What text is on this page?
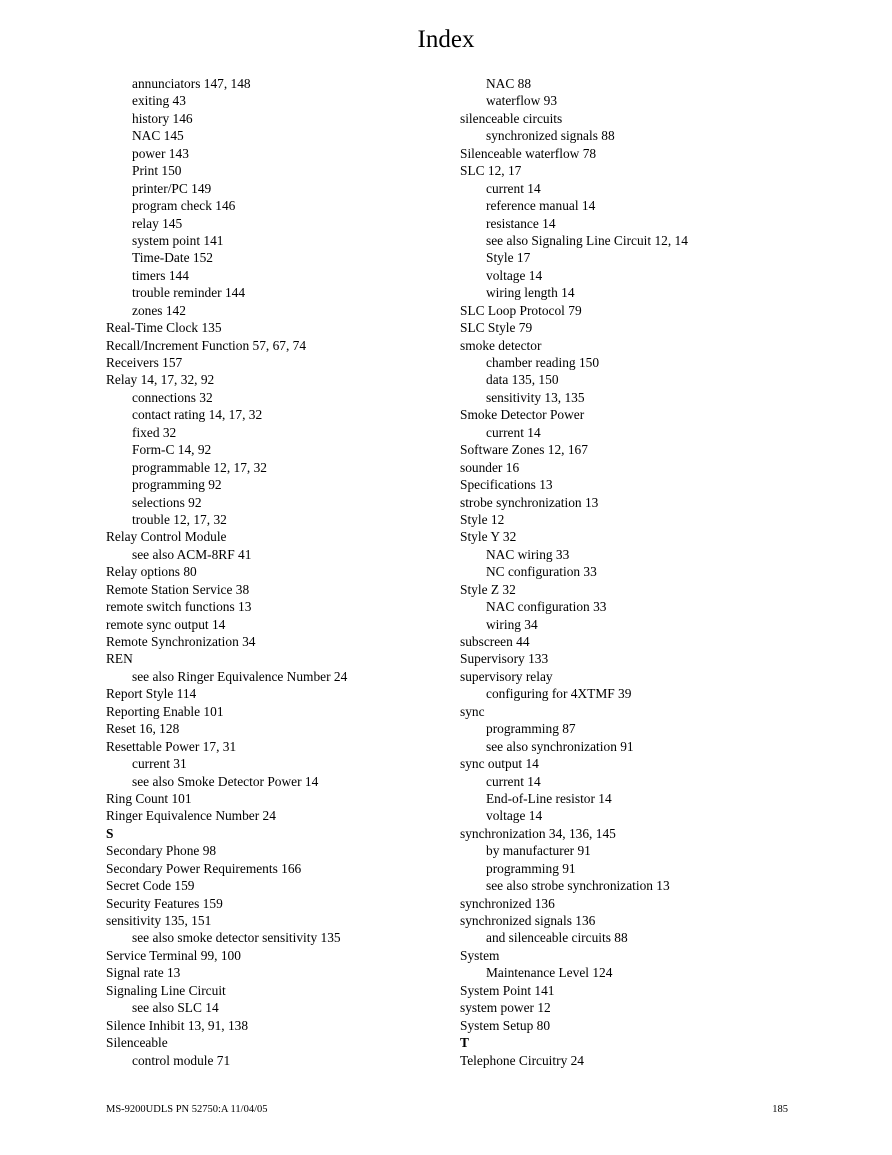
Index
annunciators 147, 148
exiting 43
history 146
NAC 145
power 143
Print 150
printer/PC 149
program check 146
relay 145
system point 141
Time-Date 152
timers 144
trouble reminder 144
zones 142
Real-Time Clock 135
Recall/Increment Function 57, 67, 74
Receivers 157
Relay 14, 17, 32, 92
connections 32
contact rating 14, 17, 32
fixed 32
Form-C 14, 92
programmable 12, 17, 32
programming 92
selections 92
trouble 12, 17, 32
Relay Control Module
see also ACM-8RF 41
Relay options 80
Remote Station Service 38
remote switch functions 13
remote sync output 14
Remote Synchronization 34
REN
see also Ringer Equivalence Number 24
Report Style 114
Reporting Enable 101
Reset 16, 128
Resettable Power 17, 31
current 31
see also Smoke Detector Power 14
Ring Count 101
Ringer Equivalence Number 24
S
Secondary Phone 98
Secondary Power Requirements 166
Secret Code 159
Security Features 159
sensitivity 135, 151
see also smoke detector sensitivity 135
Service Terminal 99, 100
Signal rate 13
Signaling Line Circuit
see also SLC 14
Silence Inhibit 13, 91, 138
Silenceable
control module 71
NAC 88
waterflow 93
silenceable circuits
synchronized signals 88
Silenceable waterflow 78
SLC 12, 17
current 14
reference manual 14
resistance 14
see also Signaling Line Circuit 12, 14
Style 17
voltage 14
wiring length 14
SLC Loop Protocol 79
SLC Style 79
smoke detector
chamber reading 150
data 135, 150
sensitivity 13, 135
Smoke Detector Power
current 14
Software Zones 12, 167
sounder 16
Specifications 13
strobe synchronization 13
Style 12
Style Y 32
NAC wiring 33
NC configuration 33
Style Z 32
NAC configuration 33
wiring 34
subscreen 44
Supervisory 133
supervisory relay
configuring for 4XTMF 39
sync
programming 87
see also synchronization 91
sync output 14
current 14
End-of-Line resistor 14
voltage 14
synchronization 34, 136, 145
by manufacturer 91
programming 91
see also strobe synchronization 13
synchronized 136
synchronized signals 136
and silenceable circuits 88
System
Maintenance Level 124
System Point 141
system power 12
System Setup 80
T
Telephone Circuitry 24
MS-9200UDLS PN 52750:A 11/04/05	185
